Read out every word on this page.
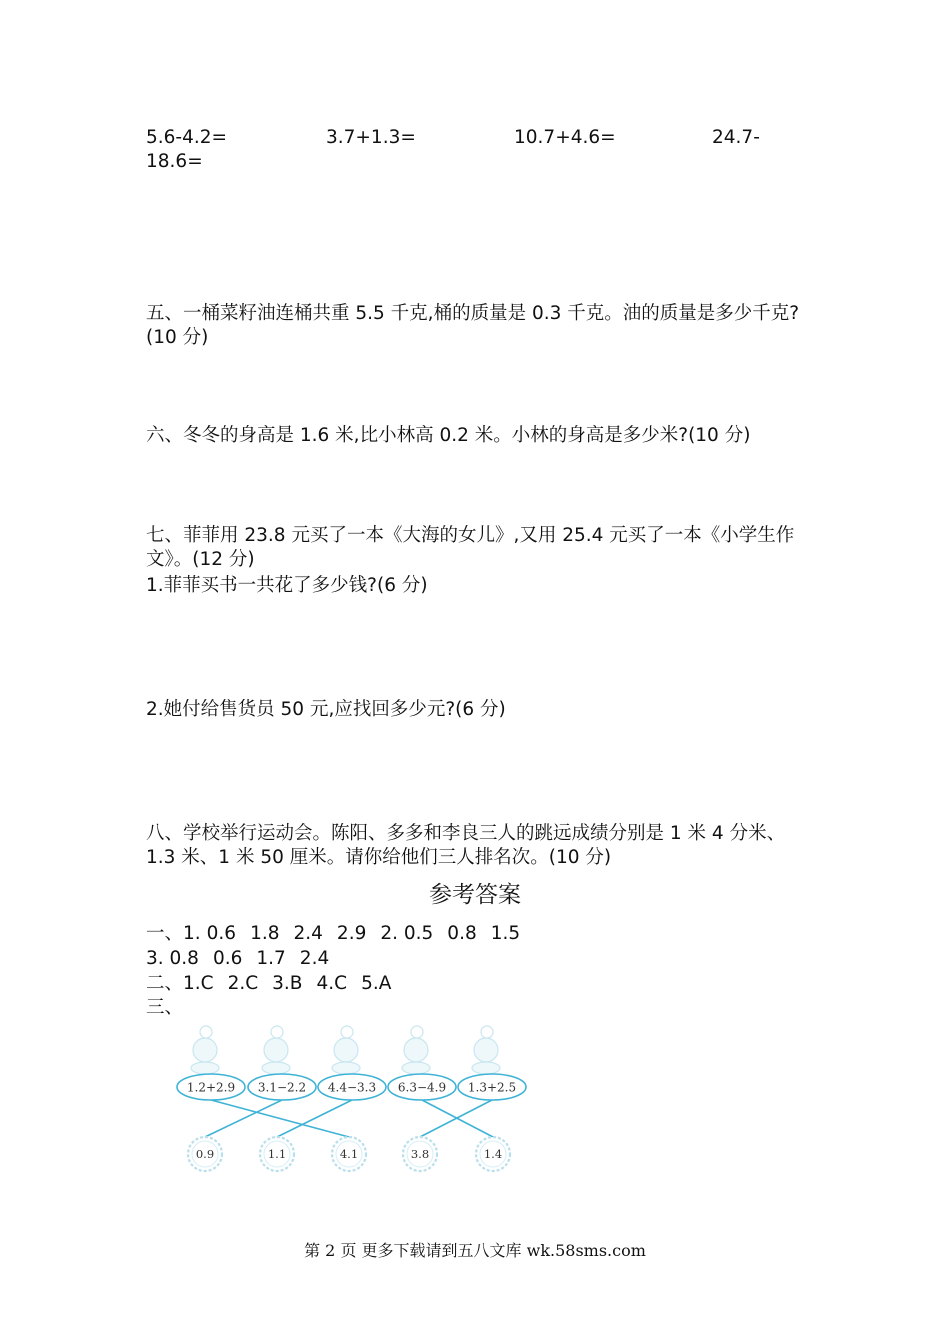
5.6-4.2=	3.7+1.3=	10.7+4.6=	24.7-
18.6=

五、一桶菜籽油连桶共重 5.5 千克,桶的质量是 0.3 千克。油的质量是多少千克?

(10 分)

六、冬冬的身高是 1.6 米,比小林高 0.2 米。小林的身高是多少米?(10 分)

七、菲菲用 23.8 元买了一本《大海的女儿》,又用 25.4 元买了一本《小学生作

文》。(12 分)

1.菲菲买书一共花了多少钱?(6 分)

2.她付给售货员 50 元,应找回多少元?(6 分)

八、学校举行运动会。陈阳、多多和李良三人的跳远成绩分别是 1 米 4 分米、

1.3 米、1 米 50 厘米。请你给他们三人排名次。(10 分)

参考答案
一、1. 0.6 1.8 2.4 2.9 2. 0.5 0.8 1.5
3. 0.8 0.6 1.7 2.4
二、1.C 2.C 3.B 4.C 5.A
三、
1.2+2.9 3.1−2.2 4.4−3.3 6.3−4.9 1.3+2.5
0.9	1.1	4.1	3.8	1.4
第 2 页 更多下载请到五八文库 wk.58sms.com
